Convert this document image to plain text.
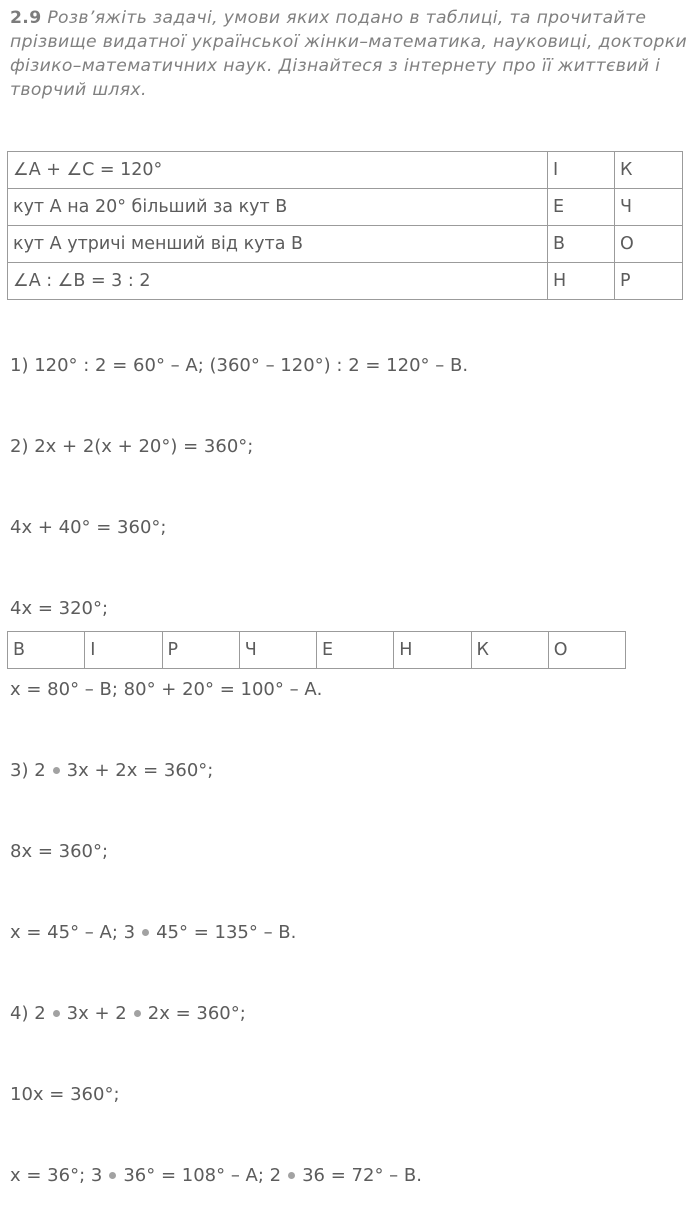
2.9 Розв’яжіть задачі, умови яких подано в таблиці, та прочитайте прізвище видатної української жінки–математика, науковиці, докторки фізико–математичних наук. Дізнайтеся з інтернету про її життєвий і творчий шлях.

∠A + ∠C = 120°	І	К
кут А на 20° більший за кут В	Е	Ч
кут А утричі менший від кута В	В	О
∠A : ∠B = 3 : 2	Н	Р

1) 120° : 2 = 60° – А; (360° – 120°) : 2 = 120° – В.

2) 2x + 2(x + 20°) = 360°;

4x + 40° = 360°;

4x = 320°;

x = 80° – В; 80° + 20° = 100° – А.

3) 2 3x + 2x = 360°;

8x = 360°;

x = 45° – А; 3 45° = 135° – В.

4) 2 3x + 2 2x = 360°;

10x = 360°;

x = 36°; 3 36° = 108° – А; 2 36 = 72° – В.

В	І	Р	Ч	Е	Н	К	О
